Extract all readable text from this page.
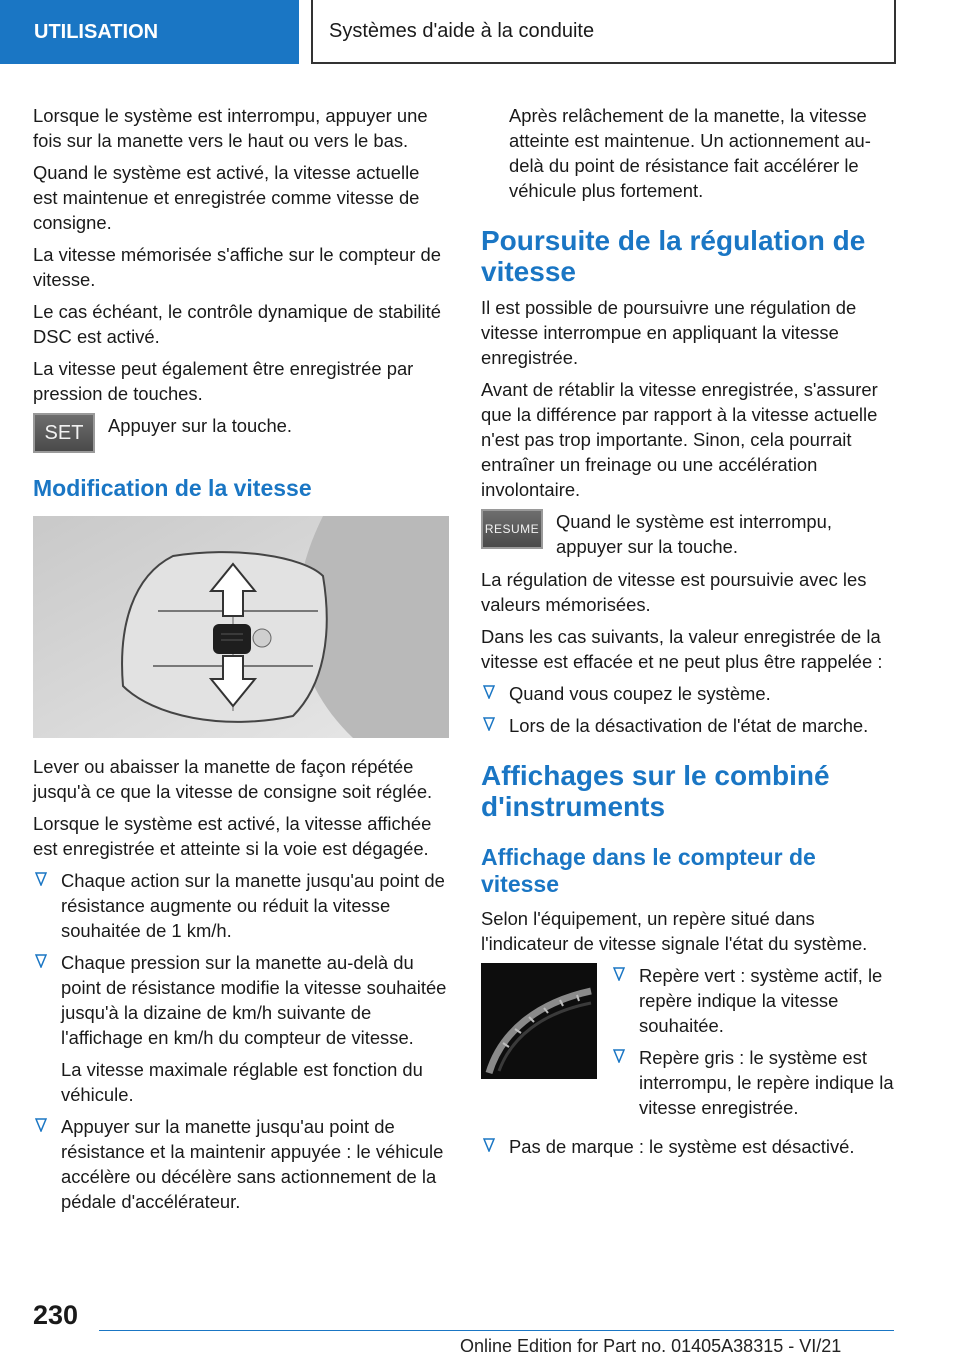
UTILISATION	Systèmes d'aide à la conduite

Lorsque le système est interrompu, appuyer une fois sur la manette vers le haut ou vers le bas.

Quand le système est activé, la vitesse actuelle est maintenue et enregistrée comme vitesse de consigne.

La vitesse mémorisée s'affiche sur le compteur de vitesse.

Le cas échéant, le contrôle dynamique de stabilité DSC est activé.

La vitesse peut également être enregistrée par pression de touches.

SET	Appuyer sur la touche.
Modification de la vitesse

Lever ou abaisser la manette de façon répétée jusqu'à ce que la vitesse de consigne soit réglée.

Lorsque le système est activé, la vitesse affichée est enregistrée et atteinte si la voie est dégagée.

Chaque action sur la manette jusqu'au point de résistance augmente ou réduit la vitesse souhaitée de 1 km/h.
Chaque pression sur la manette au-delà du point de résistance modifie la vitesse souhaitée jusqu'à la dizaine de km/h suivante de l'affichage en km/h du compteur de vitesse.
La vitesse maximale réglable est fonction du véhicule.
Appuyer sur la manette jusqu'au point de résistance et la maintenir appuyée : le véhicule accélère ou décélère sans actionnement de la pédale d'accélérateur.

Après relâchement de la manette, la vitesse atteinte est maintenue. Un actionnement au-delà du point de résistance fait accélérer le véhicule plus fortement.

Poursuite de la régulation de vitesse

Il est possible de poursuivre une régulation de vitesse interrompue en appliquant la vitesse enregistrée.

Avant de rétablir la vitesse enregistrée, s'assurer que la différence par rapport à la vitesse actuelle n'est pas trop importante. Sinon, cela pourrait entraîner un freinage ou une accélération involontaire.

RESUME Quand le système est interrompu, appuyer sur la touche.

La régulation de vitesse est poursuivie avec les valeurs mémorisées.

Dans les cas suivants, la valeur enregistrée de la vitesse est effacée et ne peut plus être rappelée :

Quand vous coupez le système.
Lors de la désactivation de l'état de marche.
Affichages sur le combiné d'instruments
Affichage dans le compteur de vitesse

Selon l'équipement, un repère situé dans l'indicateur de vitesse signale l'état du système.

Repère vert : système actif, le repère indique la vitesse souhaitée.
Repère gris : le système est interrompu, le repère indique la vitesse enregistrée.
Pas de marque : le système est désactivé.
230
Online Edition for Part no. 01405A38315 - VI/21
